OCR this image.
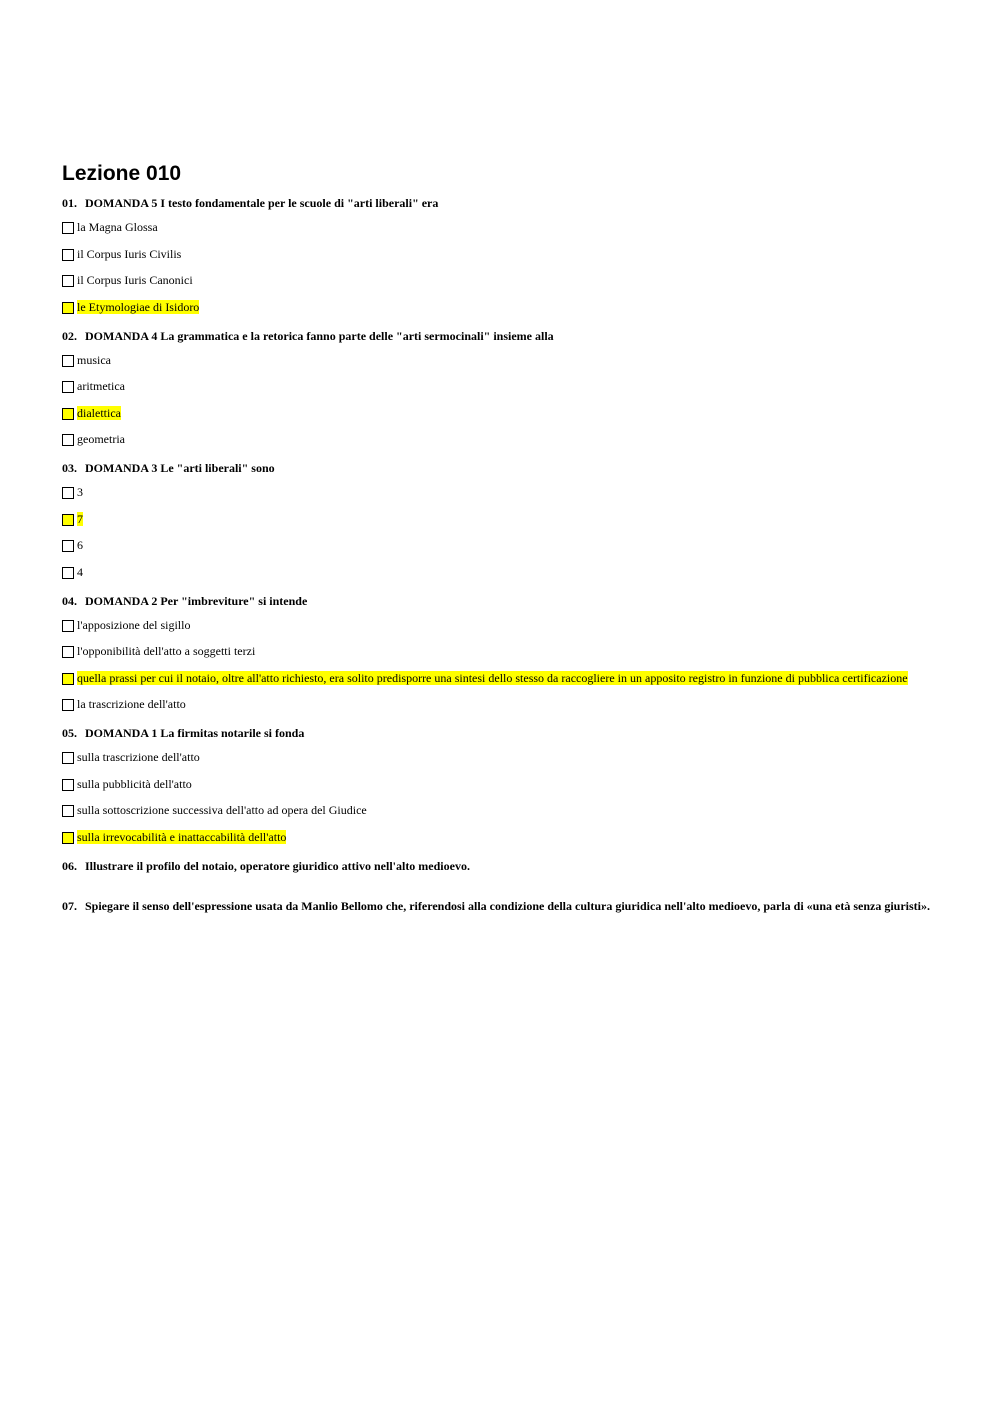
Lezione 010
01. DOMANDA 5 I testo fondamentale per le scuole di "arti liberali" era
la Magna Glossa
il Corpus Iuris Civilis
il Corpus Iuris Canonici
le Etymologiae di Isidoro
02. DOMANDA 4 La grammatica e la retorica fanno parte delle "arti sermocinali" insieme alla
musica
aritmetica
dialettica
geometria
03. DOMANDA 3 Le "arti liberali" sono
3
7
6
4
04. DOMANDA 2 Per "imbreviture" si intende
l'apposizione del sigillo
l'opponibilità dell'atto a soggetti terzi
quella prassi per cui il notaio, oltre all'atto richiesto, era solito predisporre una sintesi dello stesso da raccogliere in un apposito registro in funzione di pubblica certificazione
la trascrizione dell'atto
05. DOMANDA 1 La firmitas notarile si fonda
sulla trascrizione dell'atto
sulla pubblicità dell'atto
sulla sottoscrizione successiva dell'atto ad opera del Giudice
sulla irrevocabilità e inattaccabilità dell'atto
06. Illustrare il profilo del notaio, operatore giuridico attivo nell'alto medioevo.
07. Spiegare il senso dell'espressione usata da Manlio Bellomo che, riferendosi alla condizione della cultura giuridica nell'alto medioevo, parla di «una età senza giuristi».
